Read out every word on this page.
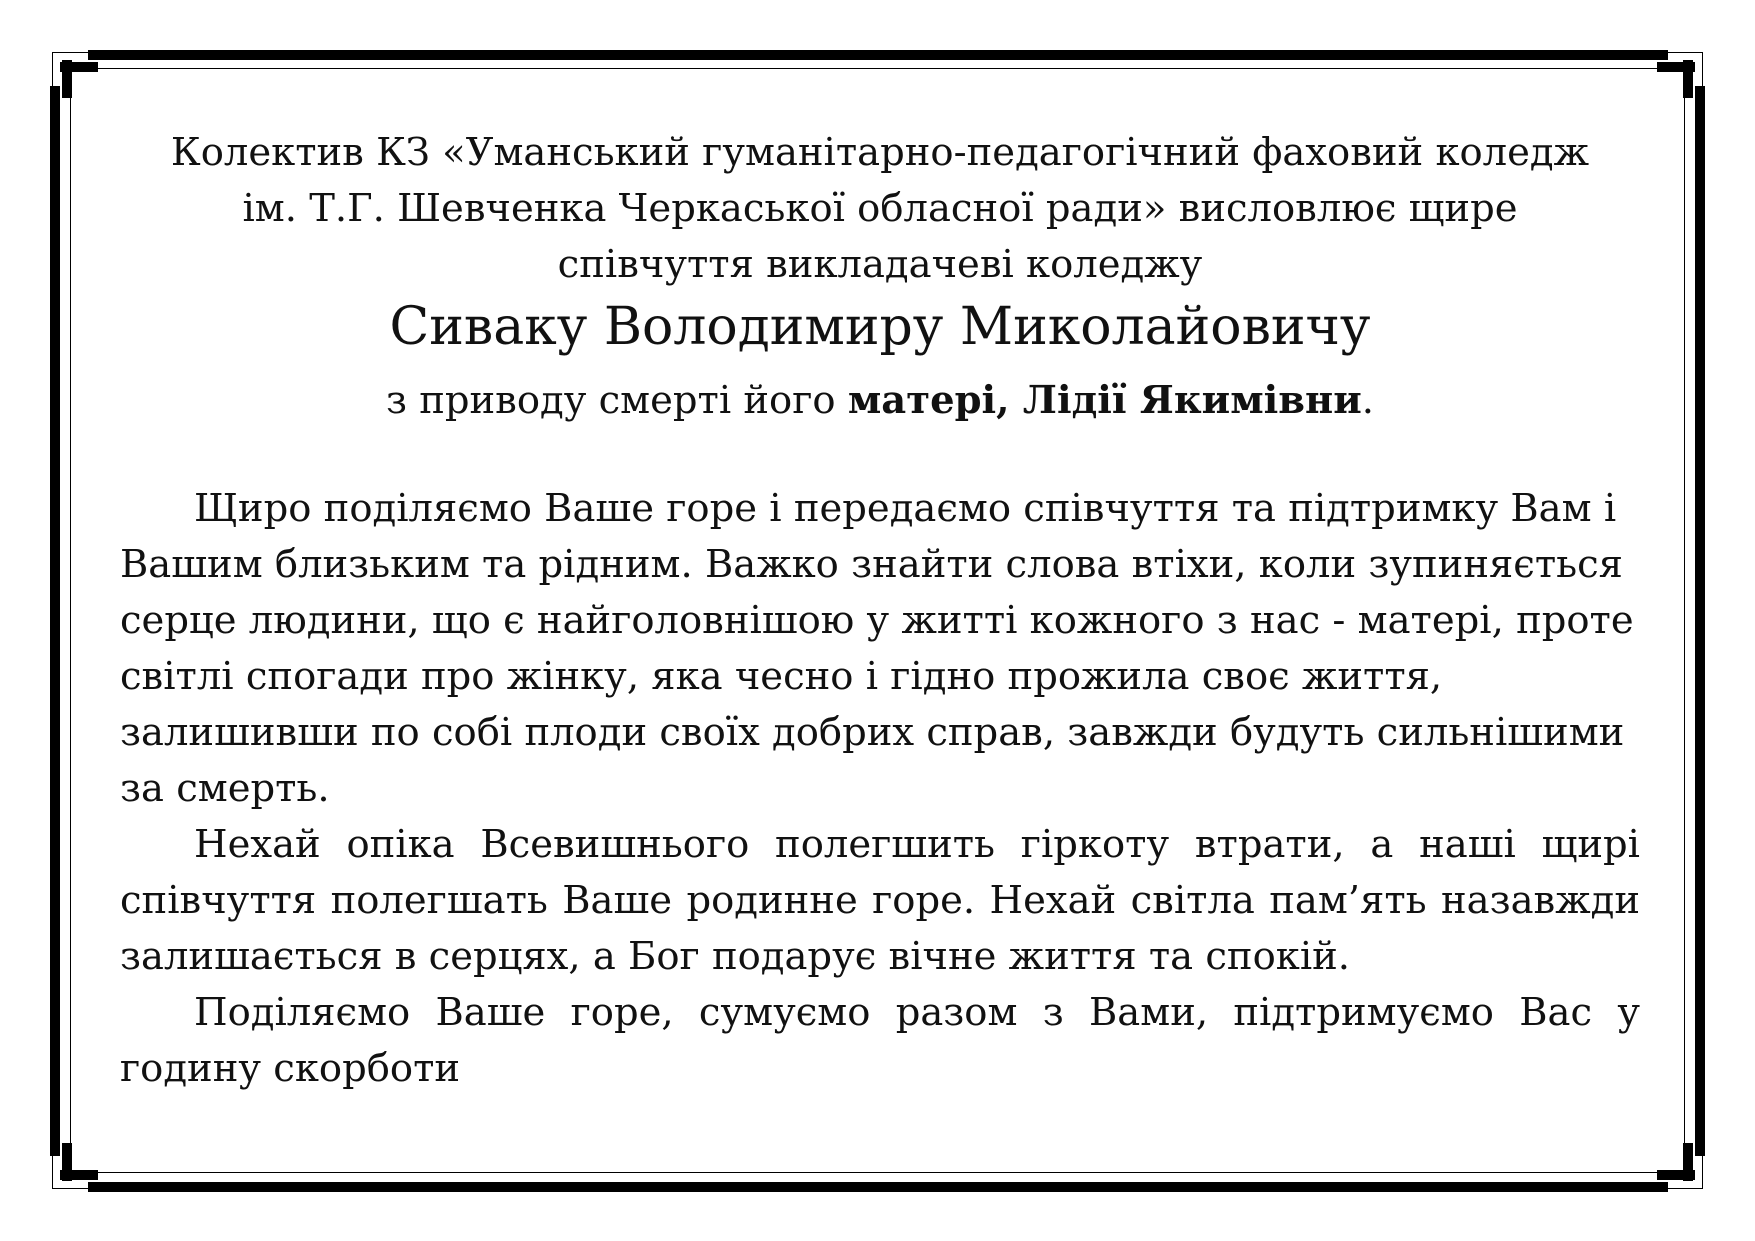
Колектив КЗ «Уманський гуманітарно-педагогічний фаховий коледж
ім. Т.Г. Шевченка Черкаської обласної ради» висловлює щире
співчуття викладачеві коледжу
Сиваку Володимиру Миколайовичу
з приводу смерті його матері, Лідії Якимівни.

Щиро поділяємо Ваше горе і передаємо співчуття та підтримку Вам і Вашим близьким та рідним. Важко знайти слова втіхи, коли зупиняється серце людини, що є найголовнішою у житті кожного з нас - матері, проте світлі спогади про жінку, яка чесно і гідно прожила своє життя, залишивши по собі плоди своїх добрих справ, завжди будуть сильнішими за смерть.

Нехай опіка Всевишнього полегшить гіркоту втрати, а наші щирі співчуття полегшать Ваше родинне горе. Нехай світла пам’ять назавжди залишається в серцях, а Бог подарує вічне життя та спокій.

Поділяємо Ваше горе, сумуємо разом з Вами, підтримуємо Вас у годину скорботи
